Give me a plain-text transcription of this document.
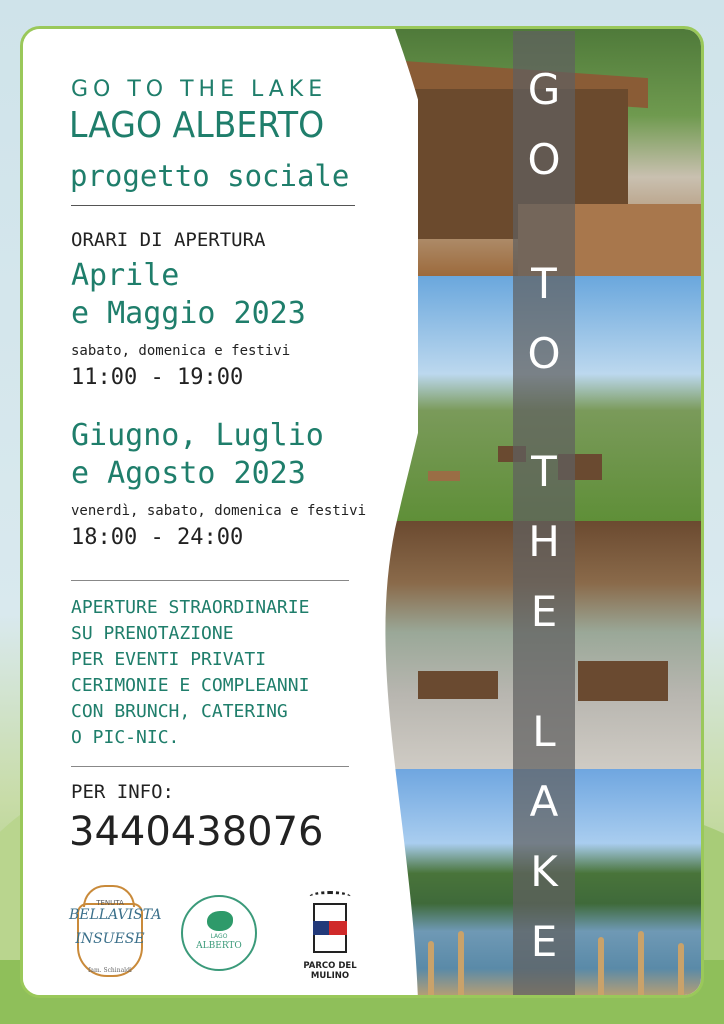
G
O
T
O
T
H
E
L
A
K
E
GO TO THE LAKE
LAGO ALBERTO
progetto sociale
ORARI DI APERTURA
Aprile
e Maggio 2023
sabato, domenica e festivi
11:00 - 19:00
Giugno, Luglio
e Agosto 2023
venerdì, sabato, domenica e festivi
18:00 - 24:00
APERTURE STRAORDINARIE
SU PRENOTAZIONE
PER EVENTI PRIVATI
CERIMONIE E COMPLEANNI
CON BRUNCH, CATERING
O PIC-NIC.
PER INFO:
3440438076
TENUTA
BELLAVISTA
INSUESE
fam. Schinaldi
LAGO
ALBERTO
PARCO DEL MULINO
